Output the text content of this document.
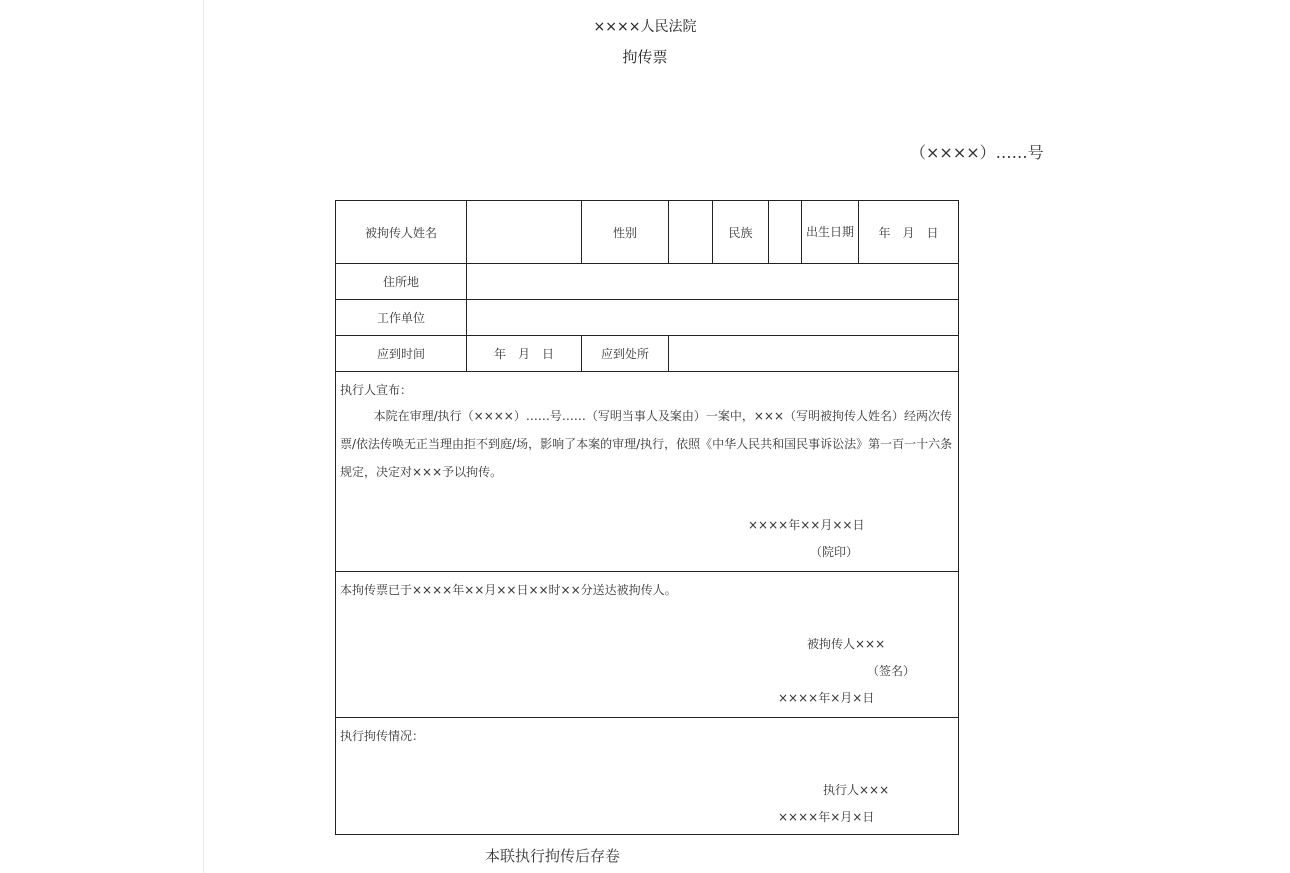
××××人民法院
拘传票
（××××）……号
被拘传人姓名		性别		民族		出生日期	年　月　日
住所地							
工作单位							
应到时间	年　月　日	应到处所					

执行人宣布：
本院在审理/执行（××××）……号……（写明当事人及案由）一案中，×××（写明被拘传人姓名）经两次传票/依法传唤无正当理由拒不到庭/场，影响了本案的审理/执行，依照《中华人民共和国民事诉讼法》第一百一十六条规定，决定对×××予以拘传。
××××年××月××日
（院印）							

本拘传票已于××××年××月××日××时××分送达被拘传人。
被拘传人×××
（签名）
××××年×月×日							

执行拘传情况：
执行人×××
××××年×月×日							
本联执行拘传后存卷
